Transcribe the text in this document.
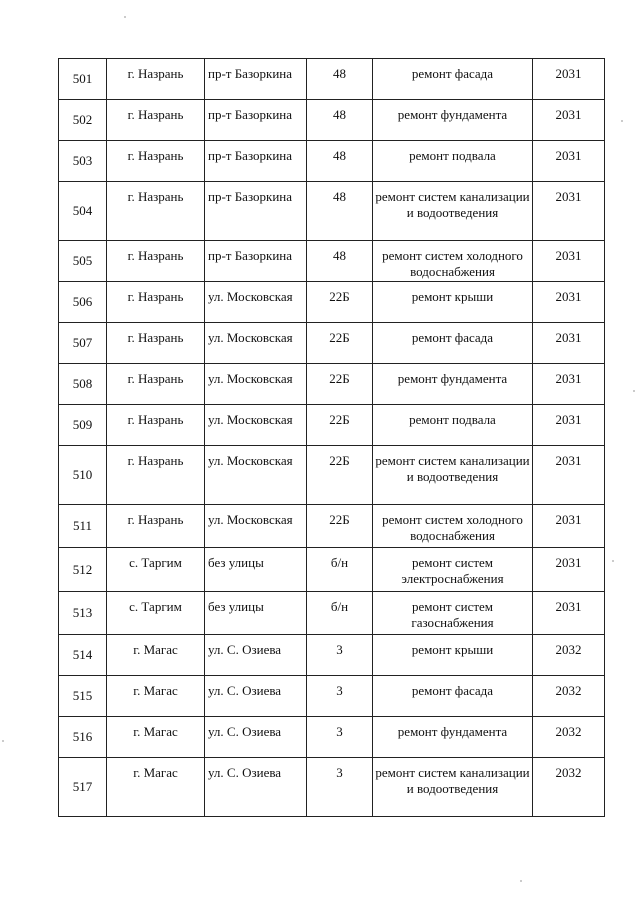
501	г. Назрань	пр-т Базоркина	48	ремонт фасада	2031

502	г. Назрань	пр-т Базоркина	48	ремонт фундамента	2031

503	г. Назрань	пр-т Базоркина	48	ремонт подвала	2031

504	г. Назрань	пр-т Базоркина	48	ремонт систем канализации и водоотведения	2031

505	г. Назрань	пр-т Базоркина	48	ремонт систем холодного водоснабжения	2031

506	г. Назрань	ул. Московская	22Б	ремонт крыши	2031

507	г. Назрань	ул. Московская	22Б	ремонт фасада	2031

508	г. Назрань	ул. Московская	22Б	ремонт фундамента	2031

509	г. Назрань	ул. Московская	22Б	ремонт подвала	2031

510	г. Назрань	ул. Московская	22Б	ремонт систем канализации и водоотведения	2031

511	г. Назрань	ул. Московская	22Б	ремонт систем холодного водоснабжения	2031

512	с. Таргим	без улицы	б/н	ремонт систем электроснабжения	2031

513	с. Таргим	без улицы	б/н	ремонт систем газоснабжения	2031

514	г. Магас	ул. С. Озиева	3	ремонт крыши	2032

515	г. Магас	ул. С. Озиева	3	ремонт фасада	2032

516	г. Магас	ул. С. Озиева	3	ремонт фундамента	2032

517	г. Магас	ул. С. Озиева	3	ремонт систем канализации и водоотведения	2032
